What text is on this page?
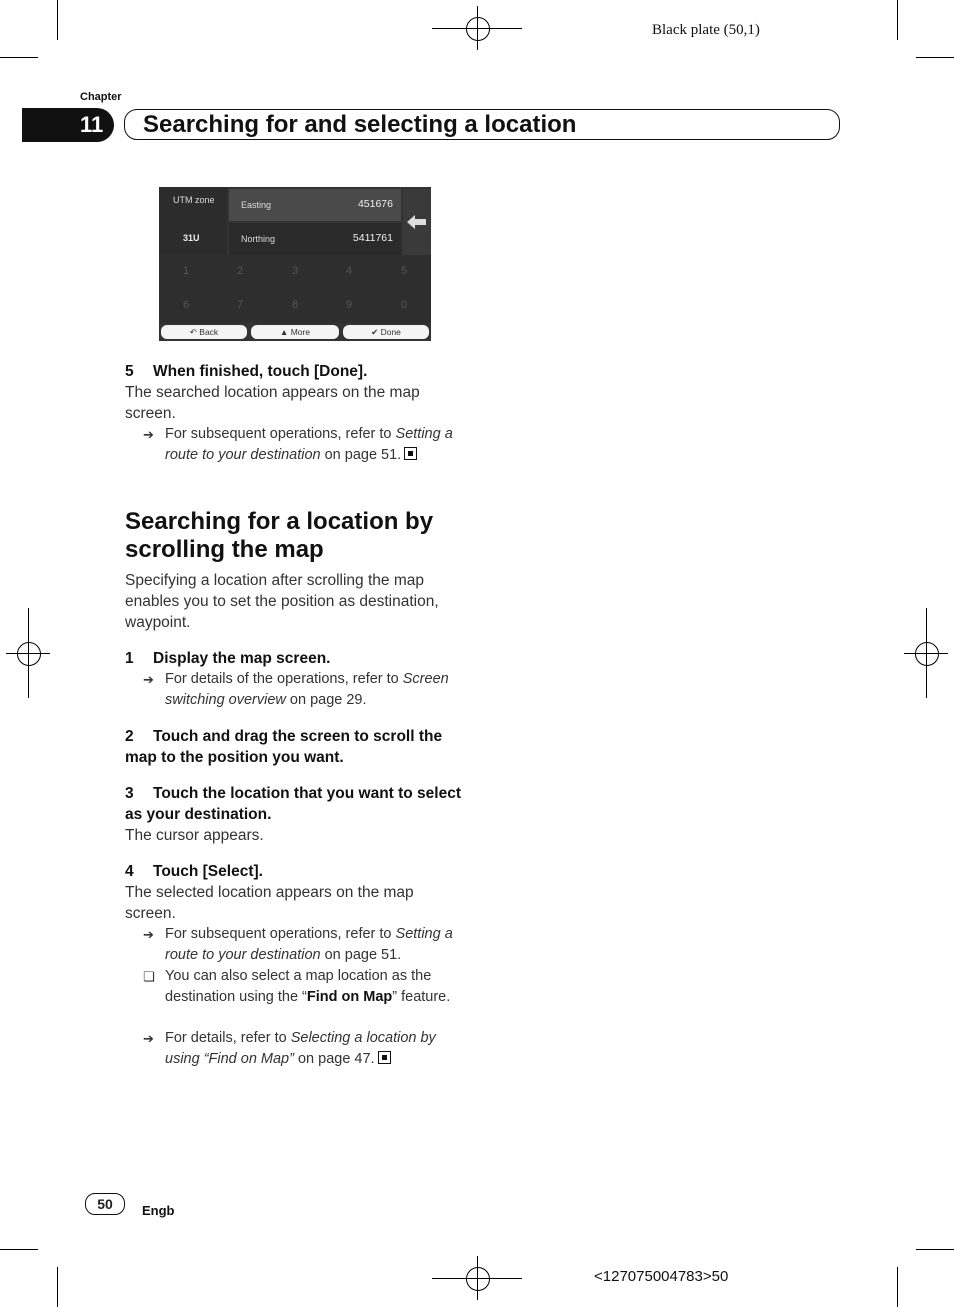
Black plate (50,1)
Chapter
11 Searching for and selecting a location
UTM zone
31U
Easting	451676
Northing	5411761
1	2	3	4	5
6	7	8	9	0
↶ Back	▲ More	✔ Done
5 When finished, touch [Done].
The searched location appears on the map screen.
➔ For subsequent operations, refer to Setting a route to your destination on page 51.
Searching for a location by scrolling the map
Specifying a location after scrolling the map enables you to set the position as destination, waypoint.
1 Display the map screen.
➔ For details of the operations, refer to Screen switching overview on page 29.
2 Touch and drag the screen to scroll the map to the position you want.
3 Touch the location that you want to select as your destination.
The cursor appears.
4 Touch [Select].
The selected location appears on the map screen.
➔ For subsequent operations, refer to Setting a route to your destination on page 51.
❏ You can also select a map location as the destination using the “Find on Map” feature.
➔ For details, refer to Selecting a location by using “Find on Map” on page 47.
50	Engb
<127075004783>50
